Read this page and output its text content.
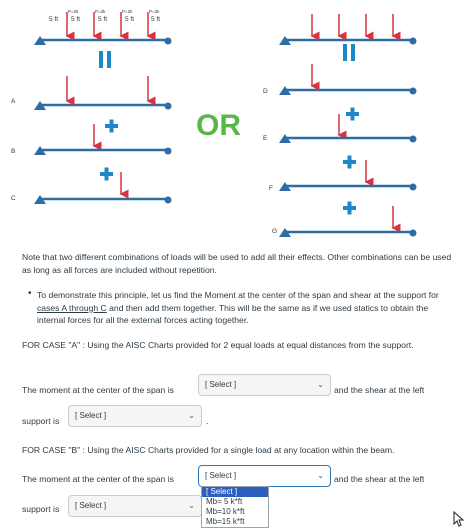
P=2k	P=2k	P=2k	P=2k
5 ft 5 ft	5 ft	5 ft	5 ft
A
B
C
OR
D
E
F
G
Note that two different combinations of loads will be used to add all their effects. Other combinations can be used as long as all forces are included without repetition.
• To demonstrate this principle, let us find the Moment at the center of the span and shear at the support for cases A through C and then add them together. This will be the same as if we used statics to obtain the internal forces for all the external forces acting together.
FOR CASE "A" : Using the AISC Charts provided for 2 equal loads at equal distances from the support.
The moment at the center of the span is
[ Select ]	⌄
and the shear at the left
support is
[ Select ]	⌄
.
FOR CASE "B" : Using the AISC Charts provided for a single load at any location within the beam.
The moment at the center of the span is	[ Select ]	⌄ and the shear at the left
support is	[ Select ]	⌄
[ Select ]
Mb= 5 k*ft
Mb=10 k*ft
Mb=15 k*ft
